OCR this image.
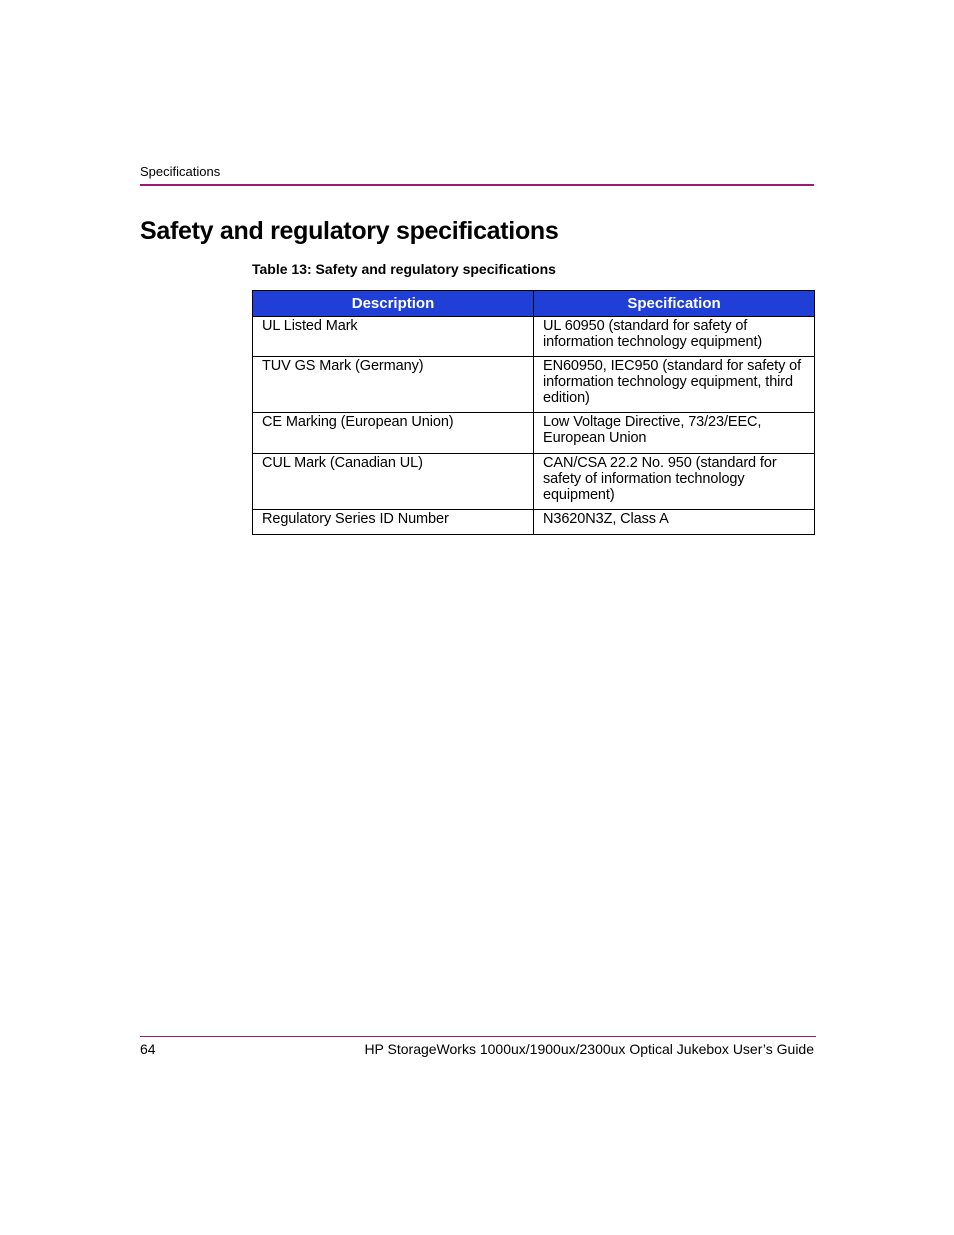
Specifications
Safety and regulatory specifications
Table 13: Safety and regulatory specifications
Description	Specification

UL Listed Mark	UL 60950 (standard for safety of information technology equipment)

TUV GS Mark (Germany)	EN60950, IEC950 (standard for safety of information technology equipment, third edition)

CE Marking (European Union)	Low Voltage Directive, 73/23/EEC, European Union

CUL Mark (Canadian UL)	CAN/CSA 22.2 No. 950 (standard for safety of information technology equipment)

Regulatory Series ID Number	N3620N3Z, Class A
64	HP StorageWorks 1000ux/1900ux/2300ux Optical Jukebox User’s Guide
